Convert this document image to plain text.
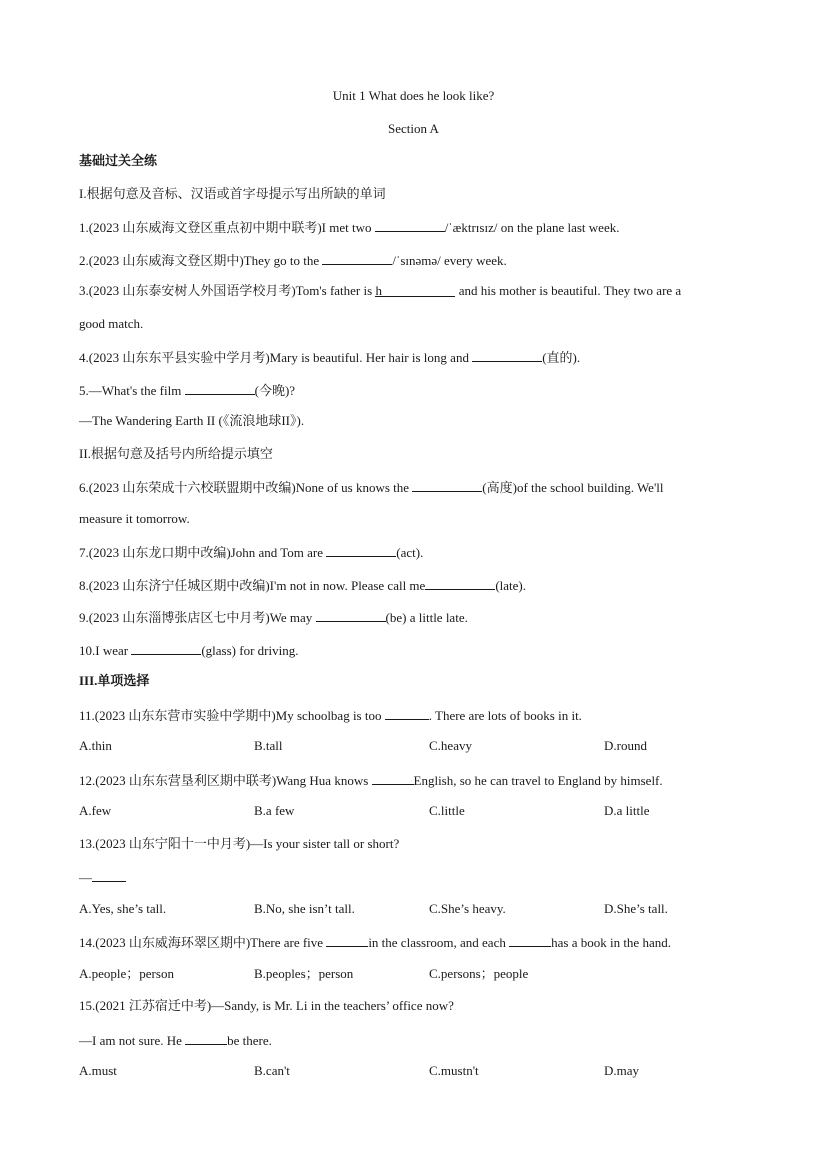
Unit 1 What does he look like?
Section A
基础过关全练
I.根据句意及音标、汉语或首字母提示写出所缺的单词
1.(2023 山东威海文登区重点初中期中联考)I met two	/ˈæktrɪsɪz/ on the plane last week.
2.(2023 山东威海文登区期中)They go to the	/ˈsɪnəmə/ every week.
3.(2023 山东泰安树人外国语学校月考)Tom's father is h	and his mother is beautiful. They two are a
good match.
4.(2023 山东东平县实验中学月考)Mary is beautiful. Her hair is long and	(直的).
5.—What's the film	(今晚)?
—The Wandering Earth II (《流浪地球II》).
II.根据句意及括号内所给提示填空
6.(2023 山东荣成十六校联盟期中改编)None of us knows the	(高度)of the school building. We'll
measure it tomorrow.
7.(2023 山东龙口期中改编)John and Tom are	(act).
8.(2023 山东济宁任城区期中改编)I'm not in now. Please call me	(late).
9.(2023 山东淄博张店区七中月考)We may	(be) a little late.
10.I wear	(glass) for driving.
III.单项选择
11.(2023 山东东营市实验中学期中)My schoolbag is too	. There are lots of books in it.
A.thin	B.tall	C.heavy	D.round
12.(2023 山东东营垦利区期中联考)Wang Hua knows	English, so he can travel to England by himself.
A.few	B.a few	C.little	D.a little
13.(2023 山东宁阳十一中月考)—Is your sister tall or short?
—
A.Yes, she’s tall.	B.No, she isn’t tall.	C.She’s heavy.	D.She’s tall.
14.(2023 山东威海环翠区期中)There are five	in the classroom, and each	has a book in the hand.
A.people；person	B.peoples；person	C.persons；people
15.(2021 江苏宿迁中考)—Sandy, is Mr. Li in the teachers’ office now?
—I am not sure. He	be there.
A.must	B.can't	C.mustn't	D.may
